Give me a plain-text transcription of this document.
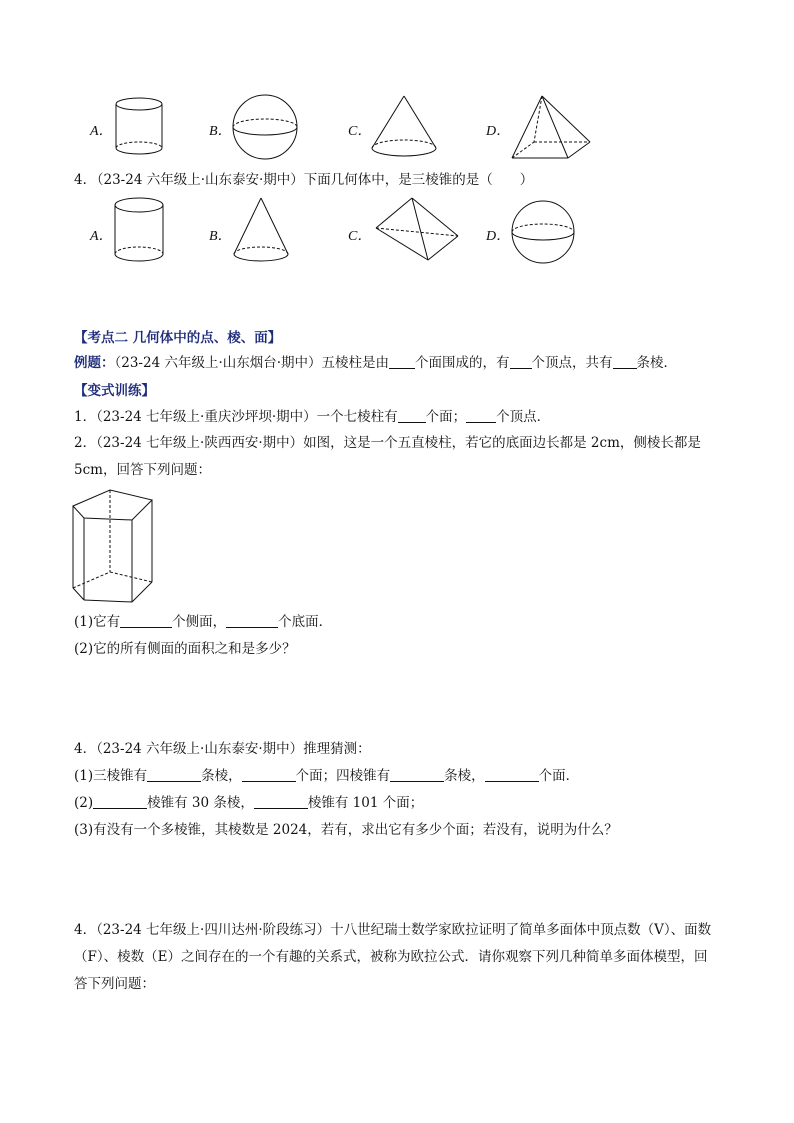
A．	B．	C．	D．
4．
（23-24 六年级上·山东泰安·期中）下面几何体中，是三棱锥的是（　　）
A．	B．	C．	D．
【考点二 几何体中的点、棱、面】
例题：（23-24 六年级上·山东烟台·期中）五棱柱是由 个面围成的，有 个顶点，共有 条棱．
【变式训练】
1．（23-24 七年级上·重庆沙坪坝·期中）一个七棱柱有 个面； 个顶点．
2．（23-24 七年级上·陕西西安·期中）如图，这是一个五直棱柱，若它的底面边长都是 2cm，侧棱长都是
5cm，回答下列问题：
(1)它有	个侧面，	个底面．
(2)它的所有侧面的面积之和是多少？
4．（23-24 六年级上·山东泰安·期中）推理猜测：
(1)三棱锥有	条棱，	个面；四棱锥有	条棱，	个面．
(2)	棱锥有 30 条棱，	棱锥有 101 个面；
(3)有没有一个多棱锥，其棱数是 2024，若有，求出它有多少个面；若没有，说明为什么？
4．（23-24 七年级上·四川达州·阶段练习）十八世纪瑞士数学家欧拉证明了简单多面体中顶点数（V）、面数
（F）、棱数（E）之间存在的一个有趣的关系式，被称为欧拉公式．请你观察下列几种简单多面体模型，回
答下列问题：
